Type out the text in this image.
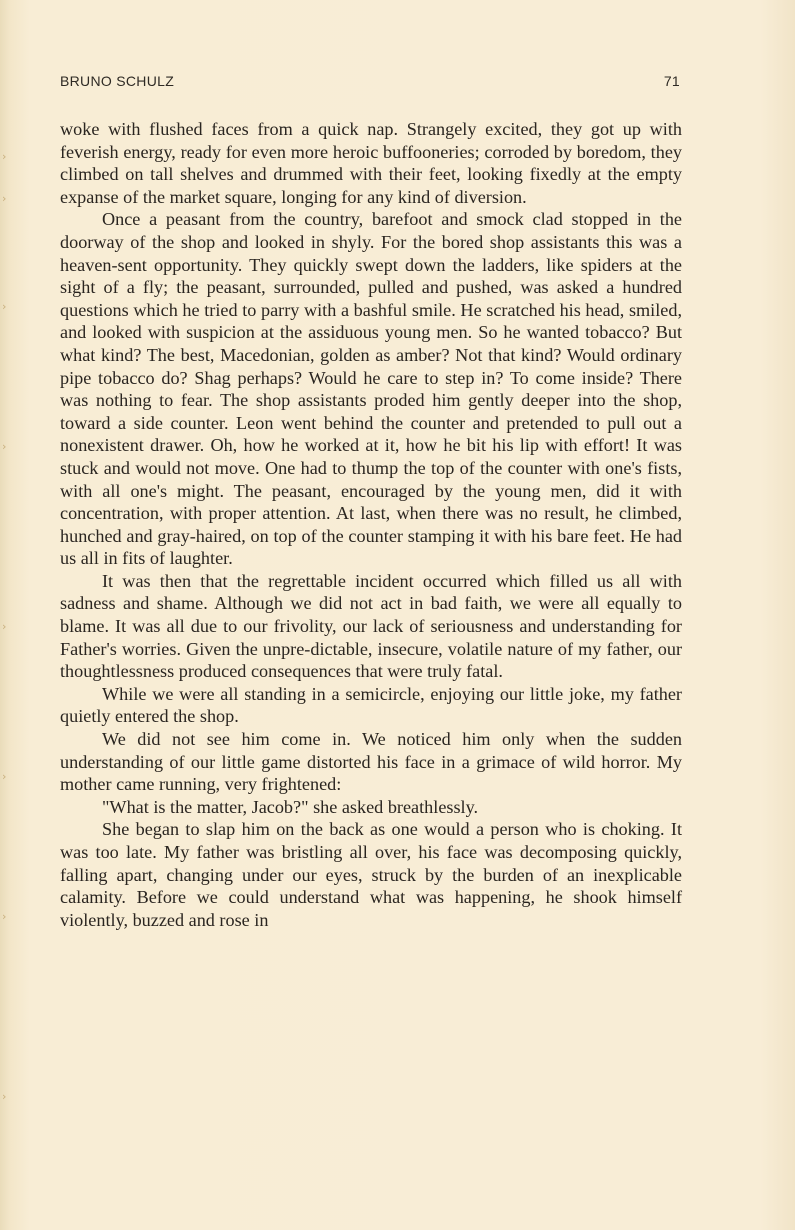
›
›
›
›
›
›
›
›
BRUNO SCHULZ	71

woke with flushed faces from a quick nap. Strangely excited, they got up with feverish energy, ready for even more heroic buffooneries; corroded by boredom, they climbed on tall shelves and drummed with their feet, looking fixedly at the empty expanse of the market square, longing for any kind of diversion.

Once a peasant from the country, barefoot and smock clad stopped in the doorway of the shop and looked in shyly. For the bored shop assistants this was a heaven-sent opportunity. They quickly swept down the ladders, like spiders at the sight of a fly; the peasant, surrounded, pulled and pushed, was asked a hundred questions which he tried to parry with a bashful smile. He scratched his head, smiled, and looked with suspicion at the assiduous young men. So he wanted tobacco? But what kind? The best, Macedonian, golden as amber? Not that kind? Would ordinary pipe tobacco do? Shag perhaps? Would he care to step in? To come inside? There was nothing to fear. The shop assistants proded him gently deeper into the shop, toward a side counter. Leon went behind the counter and pretended to pull out a nonexistent drawer. Oh, how he worked at it, how he bit his lip with effort! It was stuck and would not move. One had to thump the top of the counter with one's fists, with all one's might. The peasant, encouraged by the young men, did it with concentration, with proper attention. At last, when there was no result, he climbed, hunched and gray-haired, on top of the counter stamping it with his bare feet. He had us all in fits of laughter.

It was then that the regrettable incident occurred which filled us all with sadness and shame. Although we did not act in bad faith, we were all equally to blame. It was all due to our frivolity, our lack of seriousness and understanding for Father's worries. Given the unpre-dictable, insecure, volatile nature of my father, our thoughtlessness produced consequences that were truly fatal.

While we were all standing in a semicircle, enjoying our little joke, my father quietly entered the shop.

We did not see him come in. We noticed him only when the sudden understanding of our little game distorted his face in a grimace of wild horror. My mother came running, very frightened:

"What is the matter, Jacob?" she asked breathlessly.

She began to slap him on the back as one would a person who is choking. It was too late. My father was bristling all over, his face was decomposing quickly, falling apart, changing under our eyes, struck by the burden of an inexplicable calamity. Before we could understand what was happening, he shook himself violently, buzzed and rose in
